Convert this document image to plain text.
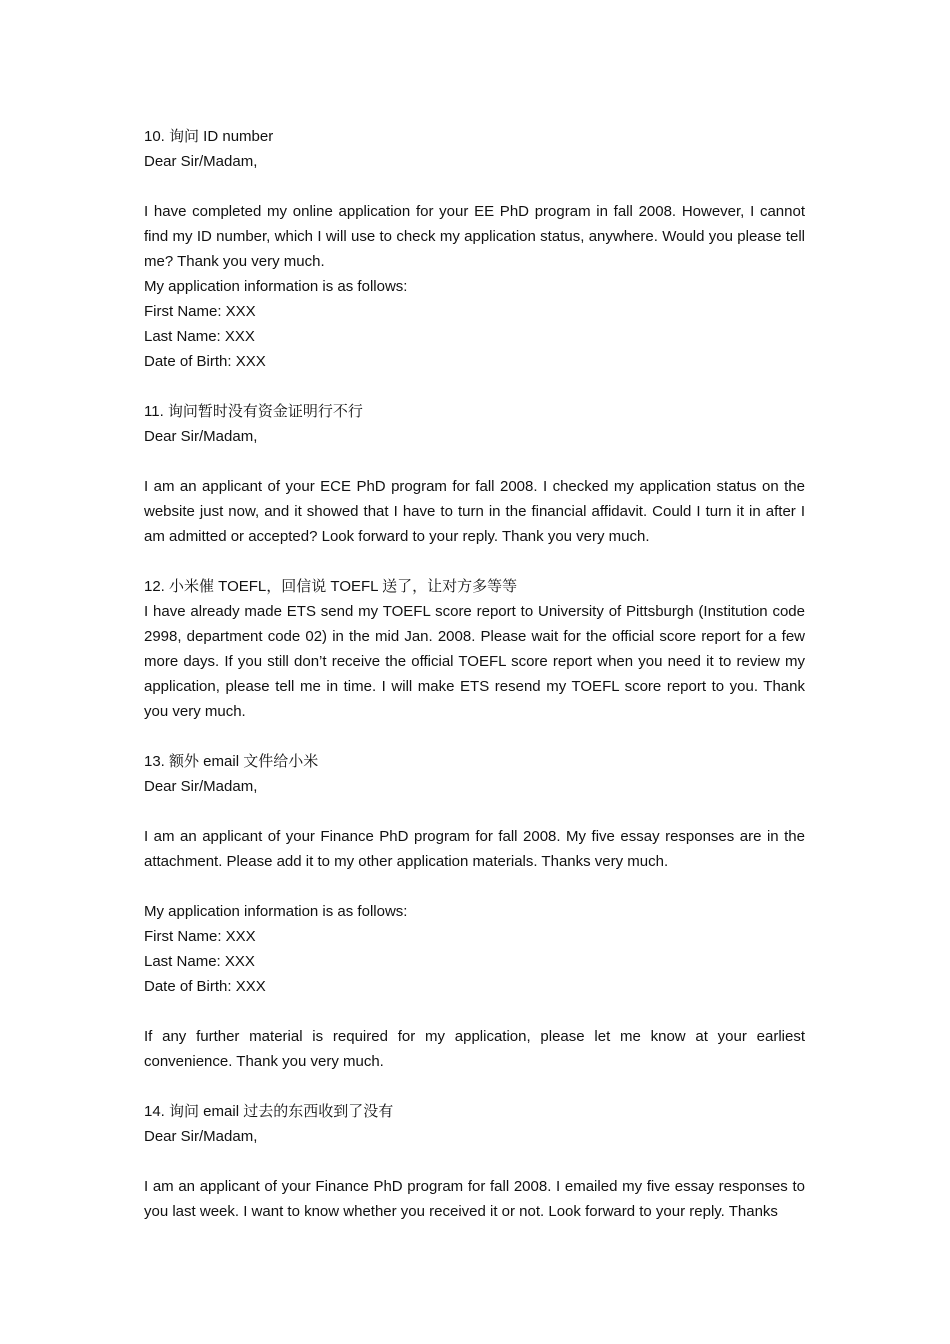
10. 询问 ID number

Dear Sir/Madam,

I have completed my online application for your EE PhD program in fall 2008. However, I cannot find my ID number, which I will use to check my application status, anywhere. Would you please tell me? Thank you very much.

My application information is as follows:

First Name: XXX

Last Name: XXX

Date of Birth: XXX

11. 询问暂时没有资金证明行不行

Dear Sir/Madam,

I am an applicant of your ECE PhD program for fall 2008. I checked my application status on the website just now, and it showed that I have to turn in the financial affidavit. Could I turn it in after I am admitted or accepted? Look forward to your reply. Thank you very much.

12. 小米催 TOEFL，回信说 TOEFL 送了，让对方多等等

I have already made ETS send my TOEFL score report to University of Pittsburgh (Institution code 2998, department code 02) in the mid Jan. 2008. Please wait for the official score report for a few more days. If you still don’t receive the official TOEFL score report when you need it to review my application, please tell me in time. I will make ETS resend my TOEFL score report to you. Thank you very much.

13. 额外 email 文件给小米

Dear Sir/Madam,

I am an applicant of your Finance PhD program for fall 2008. My five essay responses are in the attachment. Please add it to my other application materials. Thanks very much.

My application information is as follows:

First Name: XXX

Last Name: XXX

Date of Birth: XXX

If any further material is required for my application, please let me know at your earliest convenience. Thank you very much.

14. 询问 email 过去的东西收到了没有

Dear Sir/Madam,

I am an applicant of your Finance PhD program for fall 2008. I emailed my five essay responses to you last week. I want to know whether you received it or not. Look forward to your reply. Thanks
